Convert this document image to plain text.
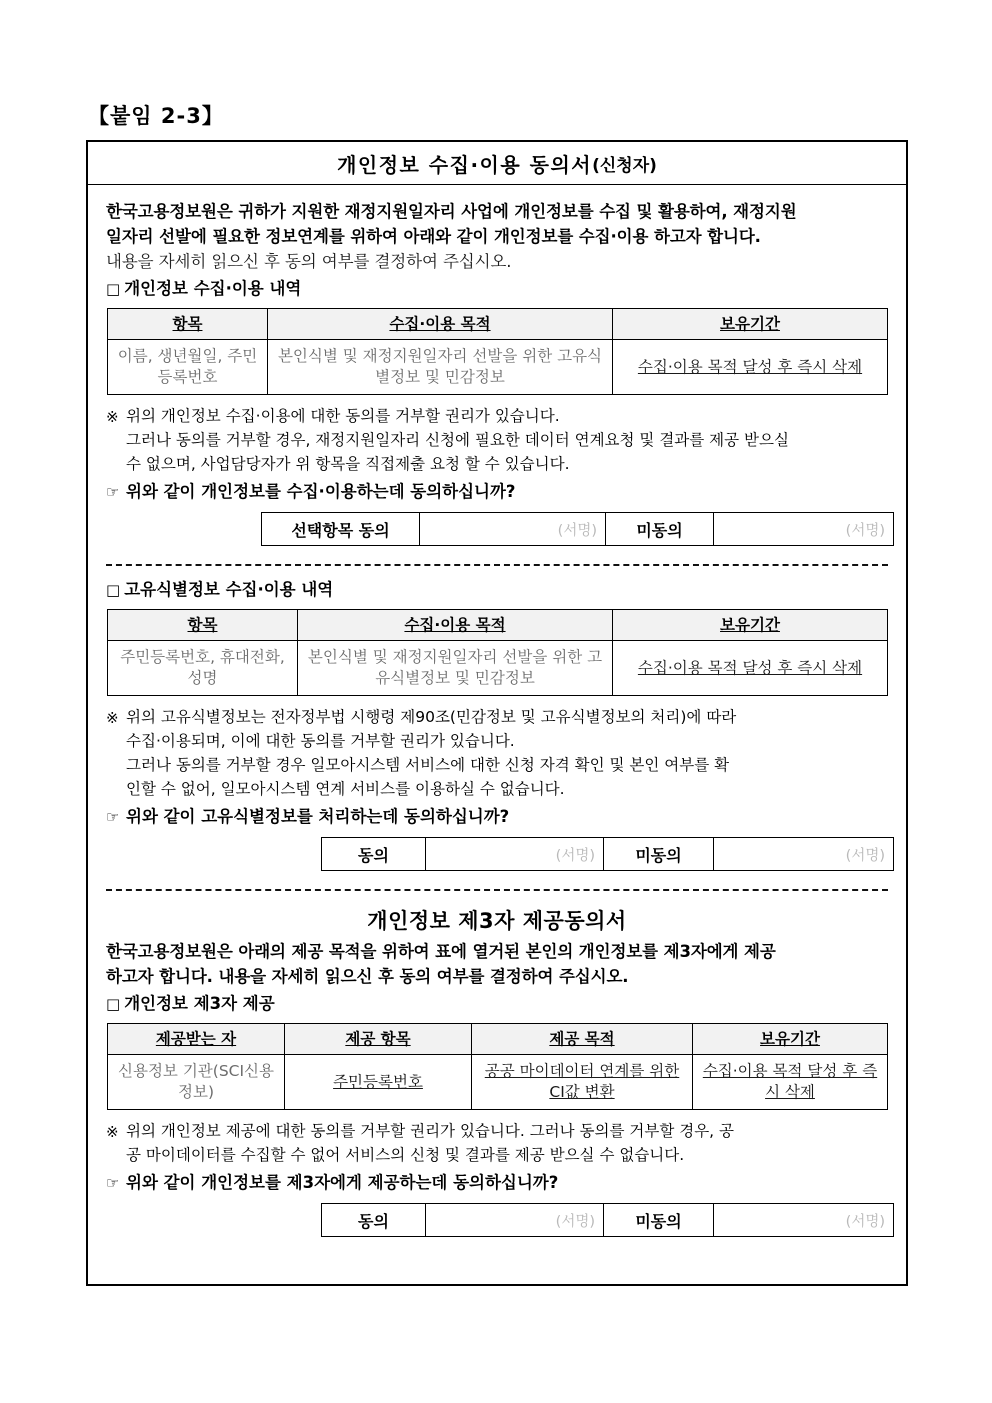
【붙임 2-3】
개인정보 수집·이용 동의서 (신청자)

한국고용정보원은 귀하가 지원한 재정지원일자리 사업에 개인정보를 수집 및 활용하여, 재정지원

일자리 선발에 필요한 정보연계를 위하여 아래와 같이 개인정보를 수집·이용 하고자 합니다.

내용을 자세히 읽으신 후 동의 여부를 결정하여 주십시오.

□ 개인정보 수집·이용 내역
항목	수집·이용 목적	보유기간
이름, 생년월일, 주민등록번호	본인식별 및 재정지원일자리 선발을 위한 고유식별정보 및 민감정보	수집·이용 목적 달성 후 즉시 삭제
※ 위의 개인정보 수집·이용에 대한 동의를 거부할 권리가 있습니다.
그러나 동의를 거부할 경우, 재정지원일자리 신청에 필요한 데이터 연계요청 및 결과를 제공 받으실
수 없으며, 사업담당자가 위 항목을 직접제출 요청 할 수 있습니다.
☞ 위와 같이 개인정보를 수집·이용하는데 동의하십니까?
선택항목 동의	(서명)	미동의	(서명)
□ 고유식별정보 수집·이용 내역
항목	수집·이용 목적	보유기간
주민등록번호, 휴대전화, 성명	본인식별 및 재정지원일자리 선발을 위한 고유식별정보 및 민감정보	수집·이용 목적 달성 후 즉시 삭제
※ 위의 고유식별정보는 전자정부법 시행령 제90조(민감정보 및 고유식별정보의 처리)에 따라
수집·이용되며, 이에 대한 동의를 거부할 권리가 있습니다.
그러나 동의를 거부할 경우 일모아시스템 서비스에 대한 신청 자격 확인 및 본인 여부를 확
인할 수 없어, 일모아시스템 연계 서비스를 이용하실 수 없습니다.
☞ 위와 같이 고유식별정보를 처리하는데 동의하십니까?
동의	(서명)	미동의	(서명)
개인정보 제3자 제공동의서

한국고용정보원은 아래의 제공 목적을 위하여 표에 열거된 본인의 개인정보를 제3자에게 제공

하고자 합니다. 내용을 자세히 읽으신 후 동의 여부를 결정하여 주십시오.

□ 개인정보 제3자 제공
제공받는 자	제공 항목	제공 목적	보유기간
신용정보 기관(SCI신용정보)	주민등록번호	공공 마이데이터 연계를 위한 CI값 변환	수집·이용 목적 달성 후 즉시 삭제
※ 위의 개인정보 제공에 대한 동의를 거부할 권리가 있습니다. 그러나 동의를 거부할 경우, 공
공 마이데이터를 수집할 수 없어 서비스의 신청 및 결과를 제공 받으실 수 없습니다.
☞ 위와 같이 개인정보를 제3자에게 제공하는데 동의하십니까?
동의	(서명)	미동의	(서명)
